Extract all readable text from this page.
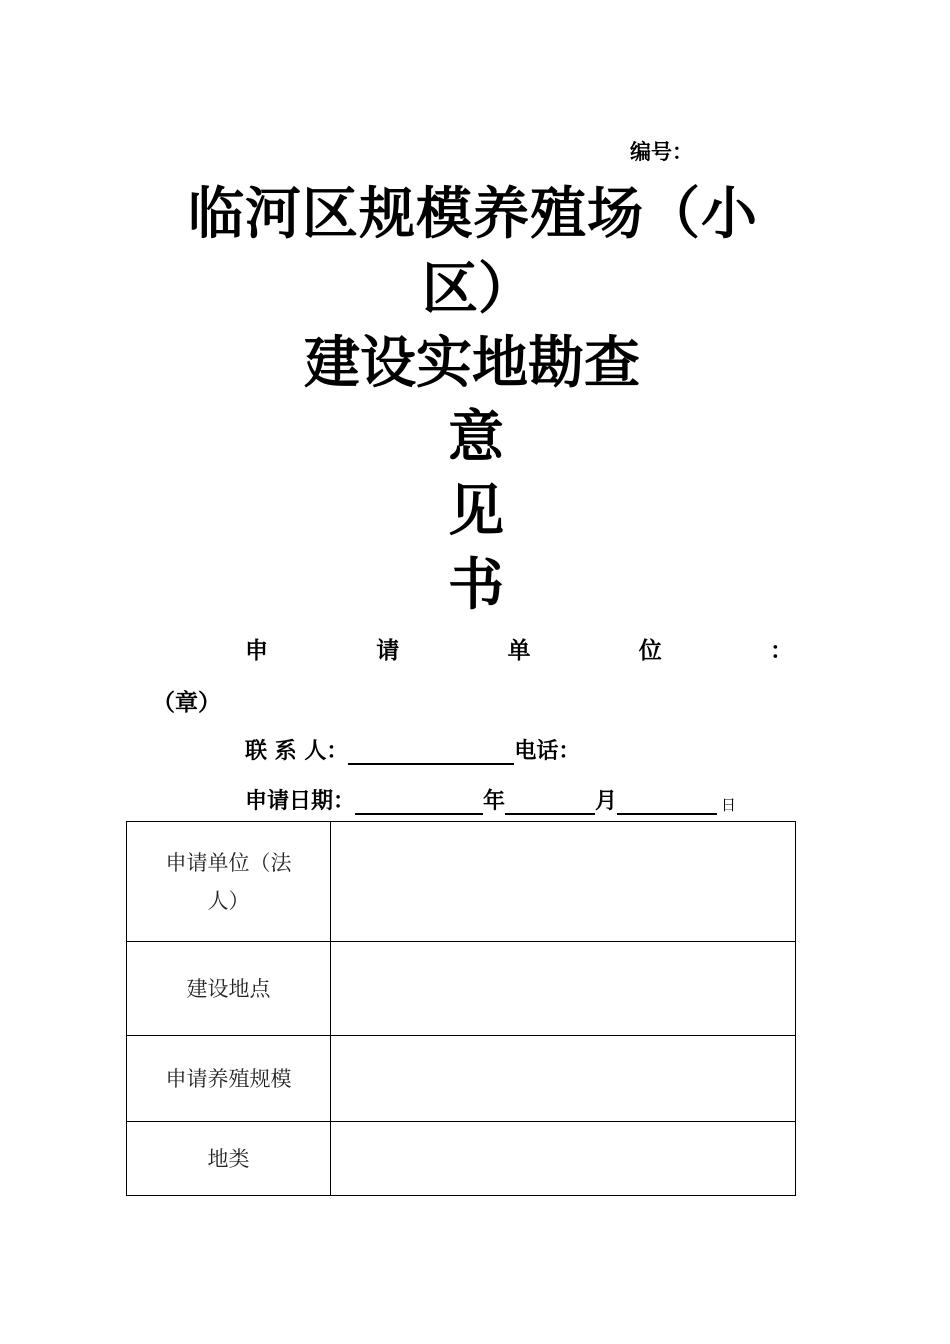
编号：
临河区规模养殖场（小
区）
建设实地勘查
意
见
书
申	请	单	位	：
（章）
联 系 人：	电话：
申请日期：	年	月	日
申请单位（法人）	
建设地点	
申请养殖规模	
地类	
